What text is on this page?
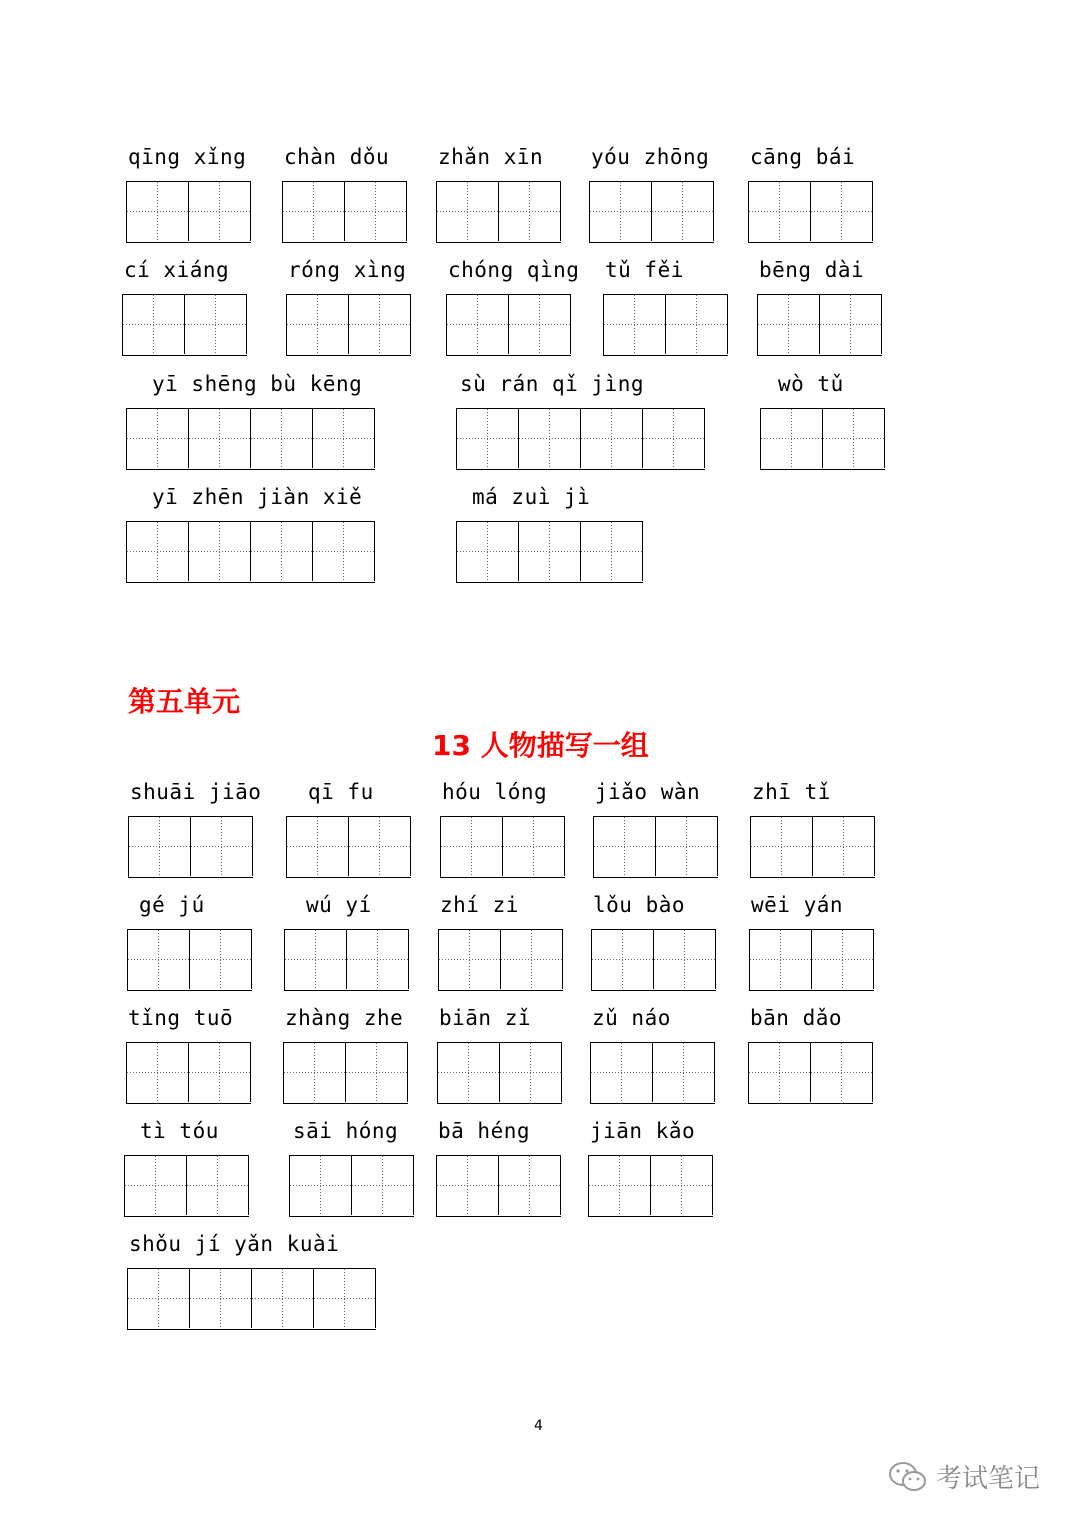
qīng xǐng chàn dǒu zhǎn xīn yóu zhōng cāng bái
cí xiáng	róng xìng chóng qìng tǔ fěi	bēng dài
yī shēng bù kēng	sù rán qǐ jìng	wò tǔ
yī zhēn jiàn xiě	má zuì jì
shuāi jiāo qī fu	hóu lóng jiǎo wàn zhī tǐ
gé jú	wú yí	zhí zi	lǒu bào	wēi yán
tǐng tuō zhàng zhe biān zǐ	zǔ náo	bān dǎo
tì tóu	sāi hóng bā héng	jiān kǎo
shǒu jí yǎn kuài
第五单元
13 人物描写一组
4
考试笔记
